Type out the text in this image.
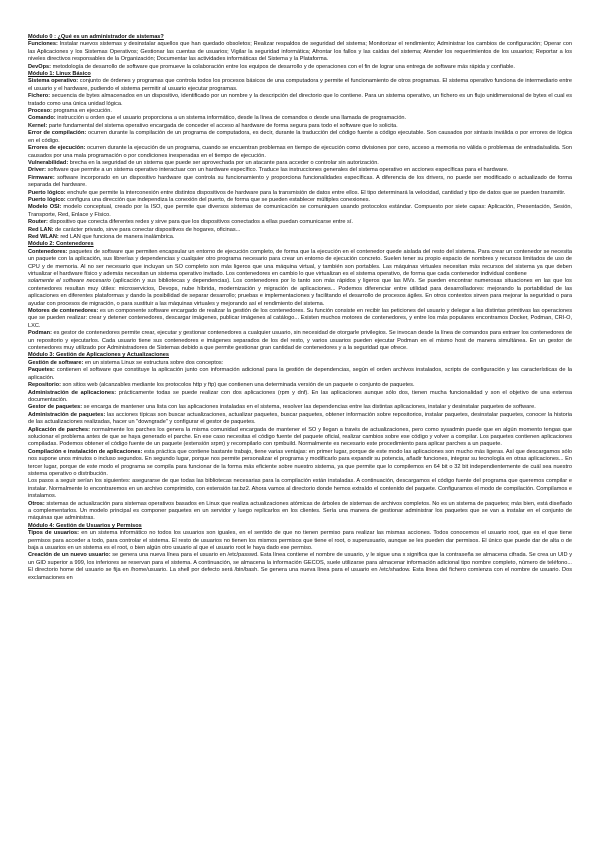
Módulo 0 : ¿Qué es un administrador de sistemas?

Funciones: Instalar nuevos sistemas y desinstalar aquellos que han quedado obsoletos; Realizar respaldos de seguridad del sistema; Monitorizar el rendimiento; Administrar los cambios de configuración; Operar con las Aplicaciones y los Sistemas Operativos; Gestionar las cuentas de usuarios; Vigilar la seguridad informática; Afrontar los fallos y las caídas del sistema; Atender los requerimientos de los usuarios; Reportar a los niveles directivos responsables de la Organización; Documentar las actividades informáticas del Sistema y la Plataforma.

DevOps: metodología de desarrollo de software que promueve la colaboración entre los equipos de desarrollo y de operaciones con el fin de lograr una entrega de software más rápida y confiable.

Módulo 1: Linux Básico

Sistema operativo: conjunto de órdenes y programas que controla todos los procesos básicos de una computadora y permite el funcionamiento de otros programas. El sistema operativo funciona de intermediario entre el usuario y el hardware, pudiendo el sistema permitir al usuario ejecutar programas.

Fichero: secuencia de bytes almacenados en un dispositivo, identificado por un nombre y la descripción del directorio que lo contiene. Para un sistema operativo, un fichero es un flujo unidimensional de bytes el cual es tratado como una única unidad lógica.

Proceso: programa en ejecución.

Comando: instrucción u orden que el usuario proporciona a un sistema informático, desde la línea de comandos o desde una llamada de programación.

Kernel: parte fundamental del sistema operativo encargada de conceder el acceso al hardware de forma segura para todo el software que lo solicita.

Error de compilación: ocurren durante la compilación de un programa de computadora, es decir, durante la traducción del código fuente a código ejecutable. Son causados por sintaxis inválida o por errores de lógica en el código.

Errores de ejecución: ocurren durante la ejecución de un programa, cuando se encuentran problemas en tiempo de ejecución como divisiones por cero, acceso a memoria no válida o problemas de entrada/salida. Son causados por una mala programación o por condiciones inesperadas en el tiempo de ejecución.

Vulnerabilidad: brecha en la seguridad de un sistema que puede ser aprovechada por un atacante para acceder o controlar sin autorización.

Driver: software que permite a un sistema operativo interactuar con un hardware específico. Traduce las instrucciones generales del sistema operativo en acciones específicas para el hardware.

Firmware: software incorporado en un dispositivo hardware que controla su funcionamiento y proporciona funcionalidades específicas. A diferencia de los drivers, no puede ser modificado o actualizado de forma separada del hardware.

Puerto lógico: enchufe que permite la interconexión entre distintos dispositivos de hardware para la transmisión de datos entre ellos. El tipo determinará la velocidad, cantidad y tipo de datos que se pueden transmitir.

Puerto lógico: configura una dirección que independiza la conexión del puerto, de forma que se pueden establecer múltiples conexiones.

Modelo OSI: modelo conceptual, creado por la ISO, que permite que diversos sistemas de comunicación se comuniquen usando protocolos estándar. Compuesto por siete capas: Aplicación, Presentación, Sesión, Transporte, Red, Enlace y Físico.

Router: dispositivo que conecta diferentes redes y sirve para que los dispositivos conectados a ellas puedan comunicarse entre sí.

Red LAN: de carácter privado, sirve para conectar dispositivos de hogares, oficinas...

Red WLAN: red LAN que funciona de manera inalámbrica.

Módulo 2: Contenedores

Contenedores: paquetes de software que permiten encapsular un entorno de ejecución completo, de forma que la ejecución en el contenedor quede aislada del resto del sistema. Para crear un contenedor se necesita un paquete con la aplicación, sus librerías y dependencias y cualquier otro programa necesario para crear un entorno de ejecución concreto. Suelen tener su propio espacio de nombres y recursos limitados de uso de CPU y de memoria. Al no ser necesario que incluyan un SO completo son más ligeros que una máquina virtual, y también son portables. Las máquinas virtuales necesitan más recursos del sistema ya que deben virtualizar el hardware físico y además necesitan un sistema operativo invitado. Los contenedores en cambio lo que virtualizan es el sistema operativo, de forma que cada contenedor individual contiene

solamente el software necesario (aplicación y sus bibliotecas y dependencias). Los contenedores por lo tanto son más rápidos y ligeros que las MVs. Se pueden encontrar numerosas situaciones en las que los contenedores resultan muy útiles: microservicios, Devops, nube híbrida, modernización y migración de aplicaciones... Podemos diferenciar entre utilidad para desarrolladores: mejorando la portabilidad de las aplicaciones en diferentes plataformas y dando la posibilidad de separar desarrollo; pruebas e implementaciones y facilitando el desarrollo de procesos ágiles. En otros contextos sirven para mejorar la seguridad o para ayudar con procesos de migración, o para sustituir a las máquinas virtuales y mejorando así el rendimiento del sistema.

Motores de contenedores: es un componente software encargado de realizar la gestión de los contenedores. Su función consiste en recibir las peticiones del usuario y delegar a las distintas primitivas las operaciones que se pueden realizar: crear y detener contenedores, descargar imágenes, publicar imágenes al catálogo... Existen muchos motores de contenedores, y entre los más populares encontramos Docker, Podman, CRI-O, LXC.

Podman: es gestor de contenedores permite crear, ejecutar y gestionar contenedores a cualquier usuario, sin necesidad de otorgarle privilegios. Se invocan desde la línea de comandos para extraer los contenedores de un repositorio y ejecutarlos. Cada usuario tiene sus contenedores e imágenes separados de los del resto, y varios usuarios pueden ejecutar Podman en el mismo host de manera simultánea. En un gestor de contenedores muy utilizado por Administradores de Sistemas debido a que permite gestionar gran cantidad de contenedores y a la seguridad que ofrece.

Módulo 3: Gestión de Aplicaciones y Actualizaciones

Gestión de software: en un sistema Linux se estructura sobre dos conceptos:

Paquetes: contienen el software que constituye la aplicación junto con información adicional para la gestión de dependencias, según el orden archivos instalados, scripts de configuración y las características de la aplicación.

Repositorio: son sitios web (alcanzables mediante los protocolos http y ftp) que contienen una determinada versión de un paquete o conjunto de paquetes.

Administración de aplicaciones: prácticamente todas se puede realizar con dos aplicaciones (rpm y dnf). En las aplicaciones aunque sólo dos, tienen mucha funcionalidad y son el objetivo de una extensa documentación.

Gestor de paquetes: se encarga de mantener una lista con las aplicaciones instaladas en el sistema, resolver las dependencias entre las distintas aplicaciones, instalar y desinstalar paquetes de software.

Administración de paquetes: las acciones típicas son buscar actualizaciones, actualizar paquetes, buscar paquetes, obtener información sobre repositorios, instalar paquetes, desinstalar paquetes, conocer la historia de las actualizaciones realizadas, hacer un "downgrade" y configurar el gestor de paquetes.

Aplicación de parches: normalmente los parches los genera la misma comunidad encargada de mantener el SO y llegan a través de actualizaciones, pero como sysadmin puede que en algún momento tengas que solucionar el problema antes de que se haya generado el parche. En ese caso necesitas el código fuente del paquete oficial, realizar cambios sobre ese código y volver a compilar. Los paquetes contienen aplicaciones compiladas. Podemos obtener el código fuente de un paquete (extensión srpm) y recompilarlo con rpmbuild. Normalmente es necesario este procedimiento para aplicar parches a un paquete.

Compilación e instalación de aplicaciones: esta práctica que contiene bastante trabajo, tiene varias ventajas: en primer lugar, porque de este modo las aplicaciones son mucho más ligeras. Así que descargamos sólo nos supone unos minutos o incluso segundos. En segundo lugar, porque nos permite personalizar el programa y modificarlo para expandir su potencia, añadir funciones, integrar su tecnología en otras aplicaciones... En tercer lugar, porque de este modo el programa se compila para funcionar de la forma más eficiente sobre nuestro sistema, ya que permite que lo compilemos en 64 bit o 32 bit independientemente de cuál sea nuestro sistema operativo o distribución.

Los pasos a seguir serían los siguientes: asegurarse de que todas las bibliotecas necesarias para la compilación están instaladas. A continuación, descargamos el código fuente del programa que queremos compilar e instalar. Normalmente lo encontraremos en un archivo comprimido, con extensión tar.bz2. Ahora vamos al directorio donde hemos extraído el contenido del paquete. Configuramos el modo de compilación. Compilamos e instalamos.

Otros: sistemas de actualización para sistemas operativos basados en Linux que realiza actualizaciones atómicas de árboles de sistemas de archivos completos. No es un sistema de paquetes; más bien, está diseñado a complementarlos. Un modelo principal es componer paquetes en un servidor y luego replicarlos en los clientes. Sería una manera de gestionar administrar los paquetes que se van a instalar en el conjunto de máquinas que administras.

Módulo 4: Gestión de Usuarios y Permisos

Tipos de usuarios: en un sistema informático no todos los usuarios son iguales, en el sentido de que no tienen permiso para realizar las mismas acciones. Todos conocemos el usuario root, que es el que tiene permisos para acceder a todo, para controlar el sistema. El resto de usuarios no tienen los mismos permisos que tiene el root, o superusuario, aunque se les pueden dar permisos. El único que puede dar de alta o de baja a usuarios en un sistema es el root, o bien algún otro usuario al que el usuario root le haya dado ese permiso.

Creación de un nuevo usuario: se genera una nueva línea para el usuario en /etc/passwd. Esta línea contiene el nombre de usuario, y le sigue una x significa que la contraseña se almacena cifrada. Se crea un UID y un GID superior a 999, los inferiores se reservan para el sistema. A continuación, se almacena la información GECOS, suele utilizarse para almacenar información adicional tipo nombre completo, número de teléfono... El directorio home del usuario se fija en /home/usuario. La shell por defecto será /bin/bash. Se genera una nueva línea para el usuario en /etc/shadow. Esta línea del fichero comienza con el nombre de usuario. Dos exclamaciones en
